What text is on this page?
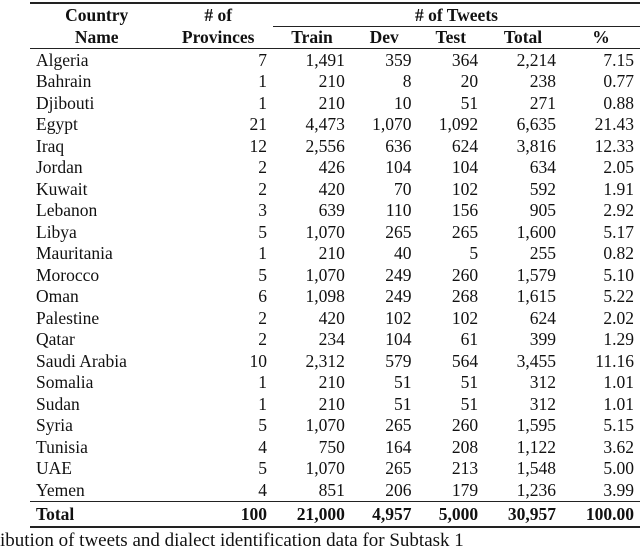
Country	# of	# of Tweets				
Name	Provinces	Train	Dev	Test	Total	%
Algeria	7	1,491	359	364	2,214	7.15
Bahrain	1	210	8	20	238	0.77
Djibouti	1	210	10	51	271	0.88
Egypt	21	4,473	1,070	1,092	6,635	21.43
Iraq	12	2,556	636	624	3,816	12.33
Jordan	2	426	104	104	634	2.05
Kuwait	2	420	70	102	592	1.91
Lebanon	3	639	110	156	905	2.92
Libya	5	1,070	265	265	1,600	5.17
Mauritania	1	210	40	5	255	0.82
Morocco	5	1,070	249	260	1,579	5.10
Oman	6	1,098	249	268	1,615	5.22
Palestine	2	420	102	102	624	2.02
Qatar	2	234	104	61	399	1.29
Saudi Arabia	10	2,312	579	564	3,455	11.16
Somalia	1	210	51	51	312	1.01
Sudan	1	210	51	51	312	1.01
Syria	5	1,070	265	260	1,595	5.15
Tunisia	4	750	164	208	1,122	3.62
UAE	5	1,070	265	213	1,548	5.00
Yemen	4	851	206	179	1,236	3.99
Total	100	21,000	4,957	5,000	30,957	100.00
ibution of tweets and dialect identification data for Subtask 1
